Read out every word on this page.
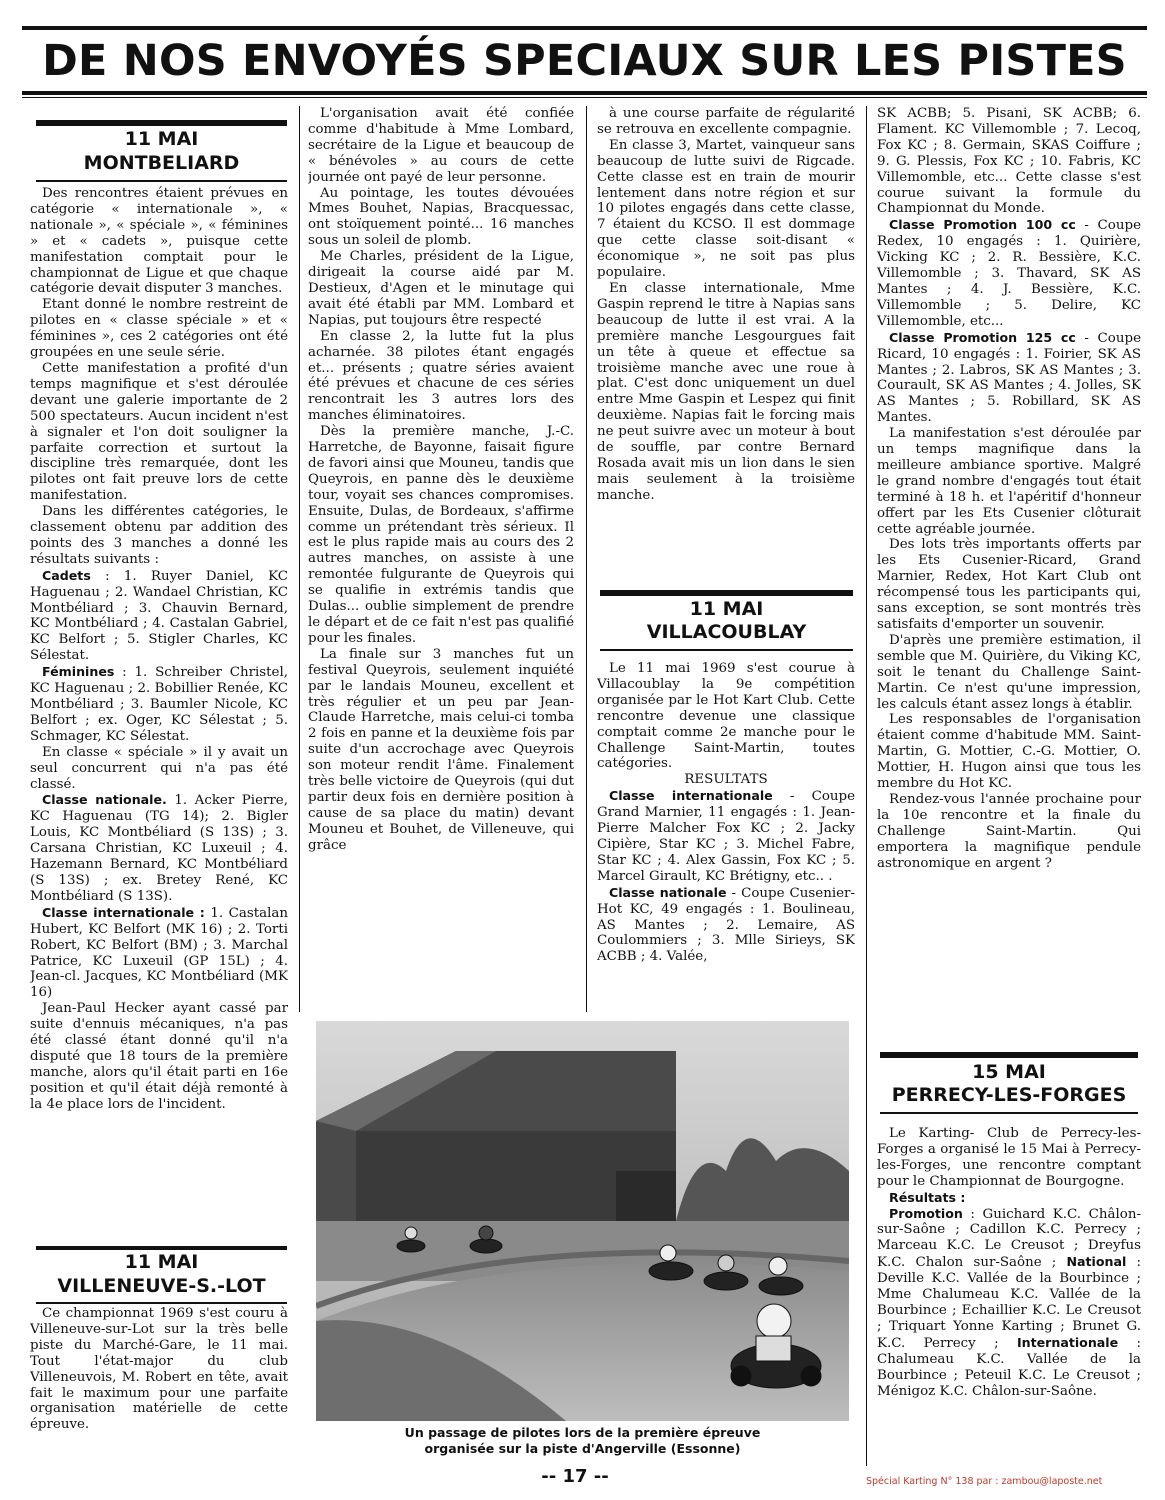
DE NOS ENVOYÉS SPECIAUX SUR LES PISTES
11 MAI
MONTBELIARD

Des rencontres étaient prévues en catégorie « internationale », « nationale », « spéciale », « féminines » et « cadets », puisque cette manifestation comptait pour le championnat de Ligue et que chaque catégorie devait disputer 3 manches.

Etant donné le nombre restreint de pilotes en « classe spéciale » et « féminines », ces 2 catégories ont été groupées en une seule série.

Cette manifestation a profité d'un temps magnifique et s'est déroulée devant une galerie importante de 2 500 spectateurs. Aucun incident n'est à signaler et l'on doit souligner la parfaite correction et surtout la discipline très remarquée, dont les pilotes ont fait preuve lors de cette manifestation.

Dans les différentes catégories, le classement obtenu par addition des points des 3 manches a donné les résultats suivants :

Cadets : 1. Ruyer Daniel, KC Haguenau ; 2. Wandael Christian, KC Montbéliard ; 3. Chauvin Bernard, KC Montbéliard ; 4. Castalan Gabriel, KC Belfort ; 5. Stigler Charles, KC Sélestat.

Féminines : 1. Schreiber Christel, KC Haguenau ; 2. Bobillier Renée, KC Montbéliard ; 3. Baumler Nicole, KC Belfort ; ex. Oger, KC Sélestat ; 5. Schmager, KC Sélestat.

En classe « spéciale » il y avait un seul concurrent qui n'a pas été classé.

Classe nationale. 1. Acker Pierre, KC Haguenau (TG 14); 2. Bigler Louis, KC Montbéliard (S 13S) ; 3. Carsana Christian, KC Luxeuil ; 4. Hazemann Bernard, KC Montbéliard (S 13S) ; ex. Bretey René, KC Montbéliard (S 13S).

Classe internationale : 1. Castalan Hubert, KC Belfort (MK 16) ; 2. Torti Robert, KC Belfort (BM) ; 3. Marchal Patrice, KC Luxeuil (GP 15L) ; 4. Jean-cl. Jacques, KC Montbéliard (MK 16)

Jean-Paul Hecker ayant cassé par suite d'ennuis mécaniques, n'a pas été classé étant donné qu'il n'a disputé que 18 tours de la première manche, alors qu'il était parti en 16e position et qu'il était déjà remonté à la 4e place lors de l'incident.

11 MAI
VILLENEUVE-S.-LOT

Ce championnat 1969 s'est couru à Villeneuve-sur-Lot sur la très belle piste du Marché-Gare, le 11 mai. Tout l'état-major du club Villeneuvois, M. Robert en tête, avait fait le maximum pour une parfaite organisation matérielle de cette épreuve.

L'organisation avait été confiée comme d'habitude à Mme Lombard, secrétaire de la Ligue et beaucoup de « bénévoles » au cours de cette journée ont payé de leur personne.

Au pointage, les toutes dévouées Mmes Bouhet, Napias, Bracquessac, ont stoïquement pointé... 16 manches sous un soleil de plomb.

Me Charles, président de la Ligue, dirigeait la course aidé par M. Destieux, d'Agen et le minutage qui avait été établi par MM. Lombard et Napias, put toujours être respecté

En classe 2, la lutte fut la plus acharnée. 38 pilotes étant engagés et... présents ; quatre séries avaient été prévues et chacune de ces séries rencontrait les 3 autres lors des manches éliminatoires.

Dès la première manche, J.-C. Harretche, de Bayonne, faisait figure de favori ainsi que Mouneu, tandis que Queyrois, en panne dès le deuxième tour, voyait ses chances compromises. Ensuite, Dulas, de Bordeaux, s'affirme comme un prétendant très sérieux. Il est le plus rapide mais au cours des 2 autres manches, on assiste à une remontée fulgurante de Queyrois qui se qualifie in extrémis tandis que Dulas... oublie simplement de prendre le départ et de ce fait n'est pas qualifié pour les finales.

La finale sur 3 manches fut un festival Queyrois, seulement inquiété par le landais Mouneu, excellent et très régulier et un peu par Jean-Claude Harretche, mais celui-ci tomba 2 fois en panne et la deuxième fois par suite d'un accrochage avec Queyrois son moteur rendit l'âme. Finalement très belle victoire de Queyrois (qui dut partir deux fois en dernière position à cause de sa place du matin) devant Mouneu et Bouhet, de Villeneuve, qui grâce

à une course parfaite de régularité se retrouva en excellente compagnie.

En classe 3, Martet, vainqueur sans beaucoup de lutte suivi de Rigcade. Cette classe est en train de mourir lentement dans notre région et sur 10 pilotes engagés dans cette classe, 7 étaient du KCSO. Il est dommage que cette classe soit-disant « économique », ne soit pas plus populaire.

En classe internationale, Mme Gaspin reprend le titre à Napias sans beaucoup de lutte il est vrai. A la première manche Lesgourgues fait un tête à queue et effectue sa troisième manche avec une roue à plat. C'est donc uniquement un duel entre Mme Gaspin et Lespez qui finit deuxième. Napias fait le forcing mais ne peut suivre avec un moteur à bout de souffle, par contre Bernard Rosada avait mis un lion dans le sien mais seulement à la troisième manche.

11 MAI
VILLACOUBLAY

Le 11 mai 1969 s'est courue à Villacoublay la 9e compétition organisée par le Hot Kart Club. Cette rencontre devenue une classique comptait comme 2e manche pour le Challenge Saint-Martin, toutes catégories.

RESULTATS

Classe internationale - Coupe Grand Marnier, 11 engagés : 1. Jean-Pierre Malcher Fox KC ; 2. Jacky Cipière, Star KC ; 3. Michel Fabre, Star KC ; 4. Alex Gassin, Fox KC ; 5. Marcel Girault, KC Brétigny, etc.. .

Classe nationale - Coupe Cusenier-Hot KC, 49 engagés : 1. Boulineau, AS Mantes ; 2. Lemaire, AS Coulommiers ; 3. Mlle Sirieys, SK ACBB ; 4. Valée,

SK ACBB; 5. Pisani, SK ACBB; 6. Flament. KC Villemomble ; 7. Lecoq, Fox KC ; 8. Germain, SKAS Coiffure ; 9. G. Plessis, Fox KC ; 10. Fabris, KC Villemomble, etc... Cette classe s'est courue suivant la formule du Championnat du Monde.

Classe Promotion 100 cc - Coupe Redex, 10 engagés : 1. Quirière, Vicking KC ; 2. R. Bessière, K.C. Villemomble ; 3. Thavard, SK AS Mantes ; 4. J. Bessière, K.C. Villemomble ; 5. Delire, KC Villemomble, etc...

Classe Promotion 125 cc - Coupe Ricard, 10 engagés : 1. Foirier, SK AS Mantes ; 2. Labros, SK AS Mantes ; 3. Courault, SK AS Mantes ; 4. Jolles, SK AS Mantes ; 5. Robillard, SK AS Mantes.

La manifestation s'est déroulée par un temps magnifique dans la meilleure ambiance sportive. Malgré le grand nombre d'engagés tout était terminé à 18 h. et l'apéritif d'honneur offert par les Ets Cusenier clôturait cette agréable journée.

Des lots très importants offerts par les Ets Cusenier-Ricard, Grand Marnier, Redex, Hot Kart Club ont récompensé tous les participants qui, sans exception, se sont montrés très satisfaits d'emporter un souvenir.

D'après une première estimation, il semble que M. Quirière, du Viking KC, soit le tenant du Challenge Saint-Martin. Ce n'est qu'une impression, les calculs étant assez longs à établir.

Les responsables de l'organisation étaient comme d'habitude MM. Saint-Martin, G. Mottier, C.-G. Mottier, O. Mottier, H. Hugon ainsi que tous les membre du Hot KC.

Rendez-vous l'année prochaine pour la 10e rencontre et la finale du Challenge Saint-Martin. Qui emportera la magnifique pendule astronomique en argent ?

15 MAI
PERRECY-LES-FORGES

Le Karting- Club de Perrecy-les-Forges a organisé le 15 Mai à Perrecy-les-Forges, une rencontre comptant pour le Championnat de Bourgogne.

Résultats :

Promotion : Guichard K.C. Châlon-sur-Saône ; Cadillon K.C. Perrecy ; Marceau K.C. Le Creusot ; Dreyfus K.C. Chalon sur-Saône ; National : Deville K.C. Vallée de la Bourbince ; Mme Chalumeau K.C. Vallée de la Bourbince ; Echaillier K.C. Le Creusot ; Triquart Yonne Karting ; Brunet G. K.C. Perrecy ; Internationale : Chalumeau K.C. Vallée de la Bourbince ; Peteuil K.C. Le Creusot ; Ménigoz K.C. Châlon-sur-Saône.

Un passage de pilotes lors de la première épreuve
organisée sur la piste d'Angerville (Essonne)
-- 17 --	Spécial Karting N° 138 par : zambou@laposte.net
